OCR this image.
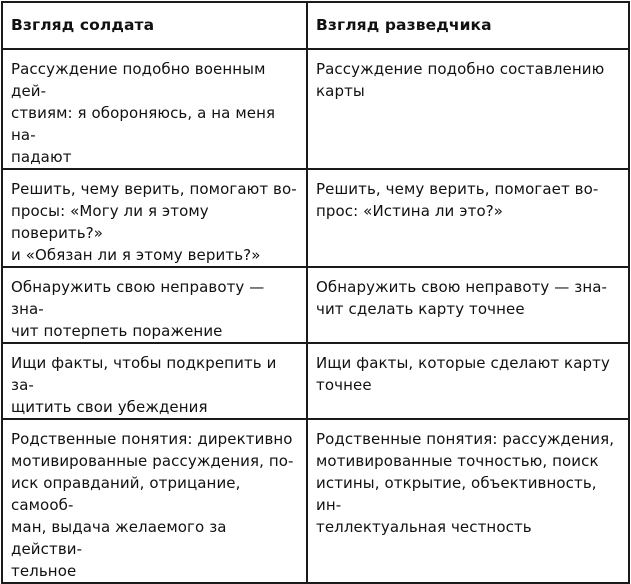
Взгляд солдата	Взгляд разведчика

Рассуждение подобно военным дей-
ствиям: я обороняюсь, а на меня на-
падают	Рассуждение подобно составлению
карты

Решить, чему верить, помогают во-
просы: «Могу ли я этому поверить?»
и «Обязан ли я этому верить?»	Решить, чему верить, помогает во-
прос: «Истина ли это?»

Обнаружить свою неправоту — зна-
чит потерпеть поражение	Обнаружить свою неправоту — зна-
чит сделать карту точнее

Ищи факты, чтобы подкрепить и за-
щитить свои убеждения	Ищи факты, которые сделают карту
точнее

Родственные понятия: директивно
мотивированные рассуждения, по-
иск оправданий, отрицание, самооб-
ман, выдача желаемого за действи-
тельное	Родственные понятия: рассуждения,
мотивированные точностью, поиск
истины, открытие, объективность, ин-
теллектуальная честность
